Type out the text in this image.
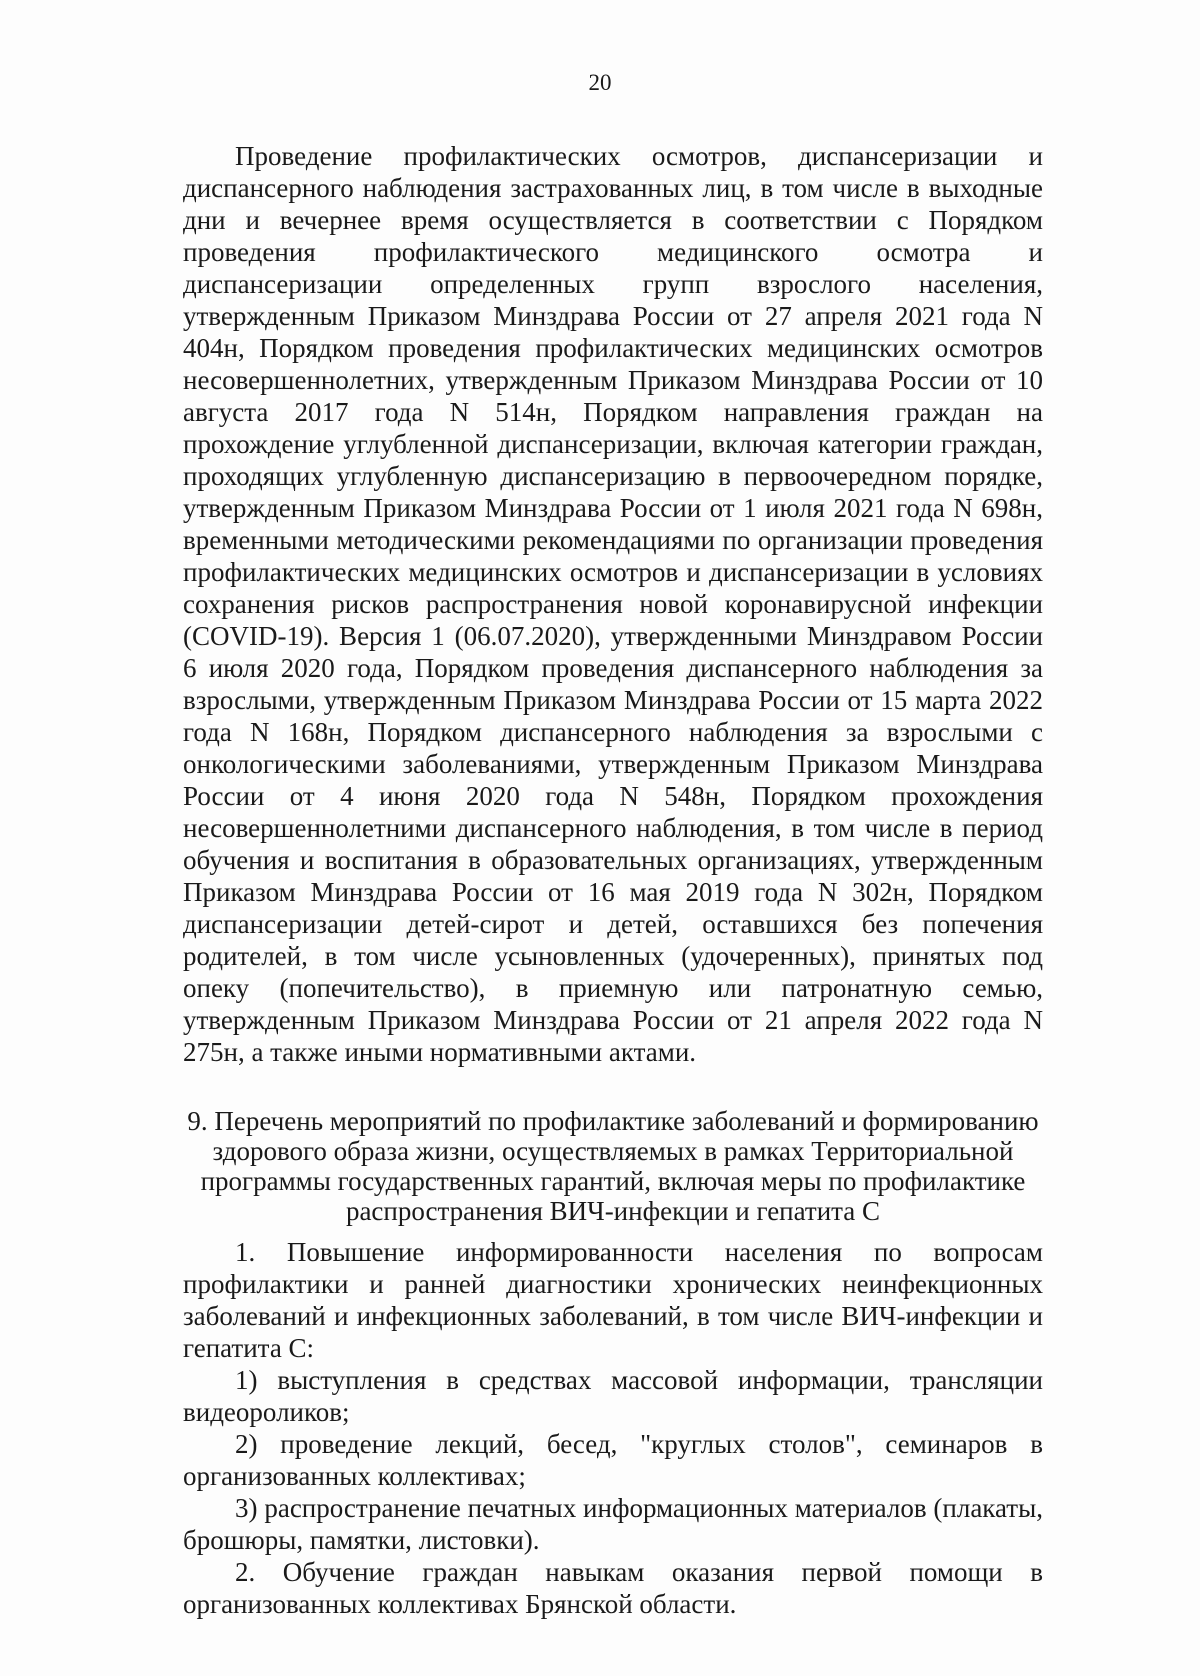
20

Проведение профилактических осмотров, диспансеризации и диспансерного наблюдения застрахованных лиц, в том числе в выходные дни и вечернее время осуществляется в соответствии с Порядком проведения профилактического медицинского осмотра и диспансеризации определенных групп взрослого населения, утвержденным Приказом Минздрава России от 27 апреля 2021 года N 404н, Порядком проведения профилактических медицинских осмотров несовершеннолетних, утвержденным Приказом Минздрава России от 10 августа 2017 года N 514н, Порядком направления граждан на прохождение углубленной диспансеризации, включая категории граждан, проходящих углубленную диспансеризацию в первоочередном порядке, утвержденным Приказом Минздрава России от 1 июля 2021 года N 698н, временными методическими рекомендациями по организации проведения профилактических медицинских осмотров и диспансеризации в условиях сохранения рисков распространения новой коронавирусной инфекции (COVID-19). Версия 1 (06.07.2020), утвержденными Минздравом России 6 июля 2020 года, Порядком проведения диспансерного наблюдения за взрослыми, утвержденным Приказом Минздрава России от 15 марта 2022 года N 168н, Порядком диспансерного наблюдения за взрослыми с онкологическими заболеваниями, утвержденным Приказом Минздрава России от 4 июня 2020 года N 548н, Порядком прохождения несовершеннолетними диспансерного наблюдения, в том числе в период обучения и воспитания в образовательных организациях, утвержденным Приказом Минздрава России от 16 мая 2019 года N 302н, Порядком диспансеризации детей-сирот и детей, оставшихся без попечения родителей, в том числе усыновленных (удочеренных), принятых под опеку (попечительство), в приемную или патронатную семью, утвержденным Приказом Минздрава России от 21 апреля 2022 года N 275н, а также иными нормативными актами.

9. Перечень мероприятий по профилактике заболеваний и формированию
здорового образа жизни, осуществляемых в рамках Территориальной
программы государственных гарантий, включая меры по профилактике
распространения ВИЧ-инфекции и гепатита С

1. Повышение информированности населения по вопросам профилактики и ранней диагностики хронических неинфекционных заболеваний и инфекционных заболеваний, в том числе ВИЧ-инфекции и гепатита С:

1) выступления в средствах массовой информации, трансляции видеороликов;

2) проведение лекций, бесед, "круглых столов", семинаров в организованных коллективах;

3) распространение печатных информационных материалов (плакаты, брошюры, памятки, листовки).

2. Обучение граждан навыкам оказания первой помощи в организованных коллективах Брянской области.
